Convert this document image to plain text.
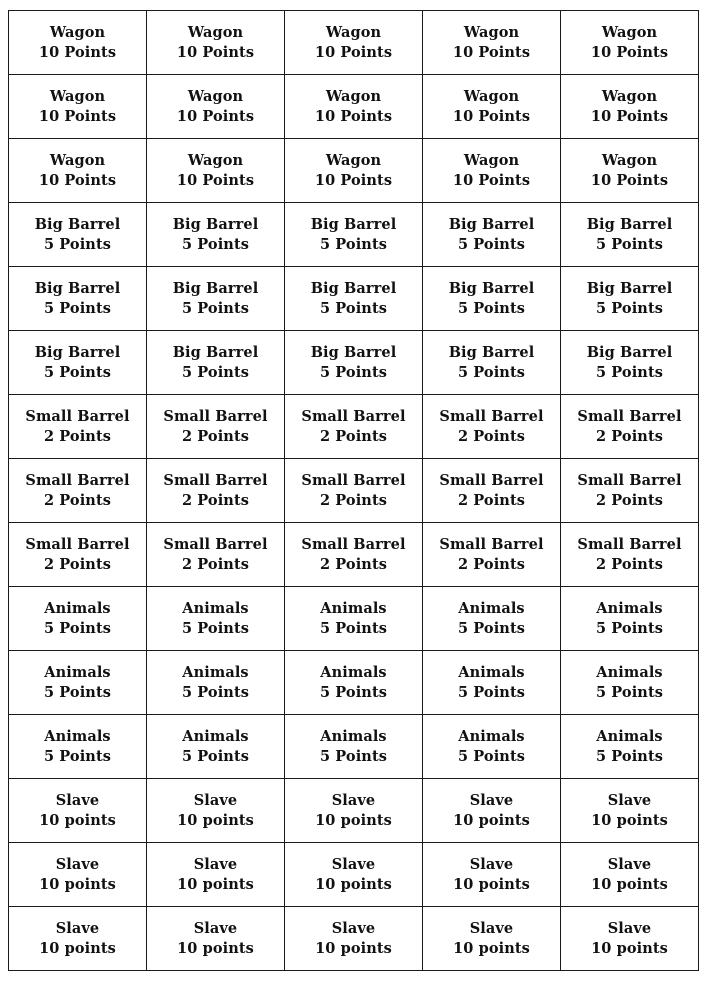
Wagon
10 Points	Wagon
10 Points	Wagon
10 Points	Wagon
10 Points	Wagon
10 Points

Wagon
10 Points	Wagon
10 Points	Wagon
10 Points	Wagon
10 Points	Wagon
10 Points

Wagon
10 Points	Wagon
10 Points	Wagon
10 Points	Wagon
10 Points	Wagon
10 Points

Big Barrel
5 Points	Big Barrel
5 Points	Big Barrel
5 Points	Big Barrel
5 Points	Big Barrel
5 Points

Big Barrel
5 Points	Big Barrel
5 Points	Big Barrel
5 Points	Big Barrel
5 Points	Big Barrel
5 Points

Big Barrel
5 Points	Big Barrel
5 Points	Big Barrel
5 Points	Big Barrel
5 Points	Big Barrel
5 Points

Small Barrel
2 Points	Small Barrel
2 Points	Small Barrel
2 Points	Small Barrel
2 Points	Small Barrel
2 Points

Small Barrel
2 Points	Small Barrel
2 Points	Small Barrel
2 Points	Small Barrel
2 Points	Small Barrel
2 Points

Small Barrel
2 Points	Small Barrel
2 Points	Small Barrel
2 Points	Small Barrel
2 Points	Small Barrel
2 Points

Animals
5 Points	Animals
5 Points	Animals
5 Points	Animals
5 Points	Animals
5 Points

Animals
5 Points	Animals
5 Points	Animals
5 Points	Animals
5 Points	Animals
5 Points

Animals
5 Points	Animals
5 Points	Animals
5 Points	Animals
5 Points	Animals
5 Points

Slave
10 points	Slave
10 points	Slave
10 points	Slave
10 points	Slave
10 points

Slave
10 points	Slave
10 points	Slave
10 points	Slave
10 points	Slave
10 points

Slave
10 points	Slave
10 points	Slave
10 points	Slave
10 points	Slave
10 points
